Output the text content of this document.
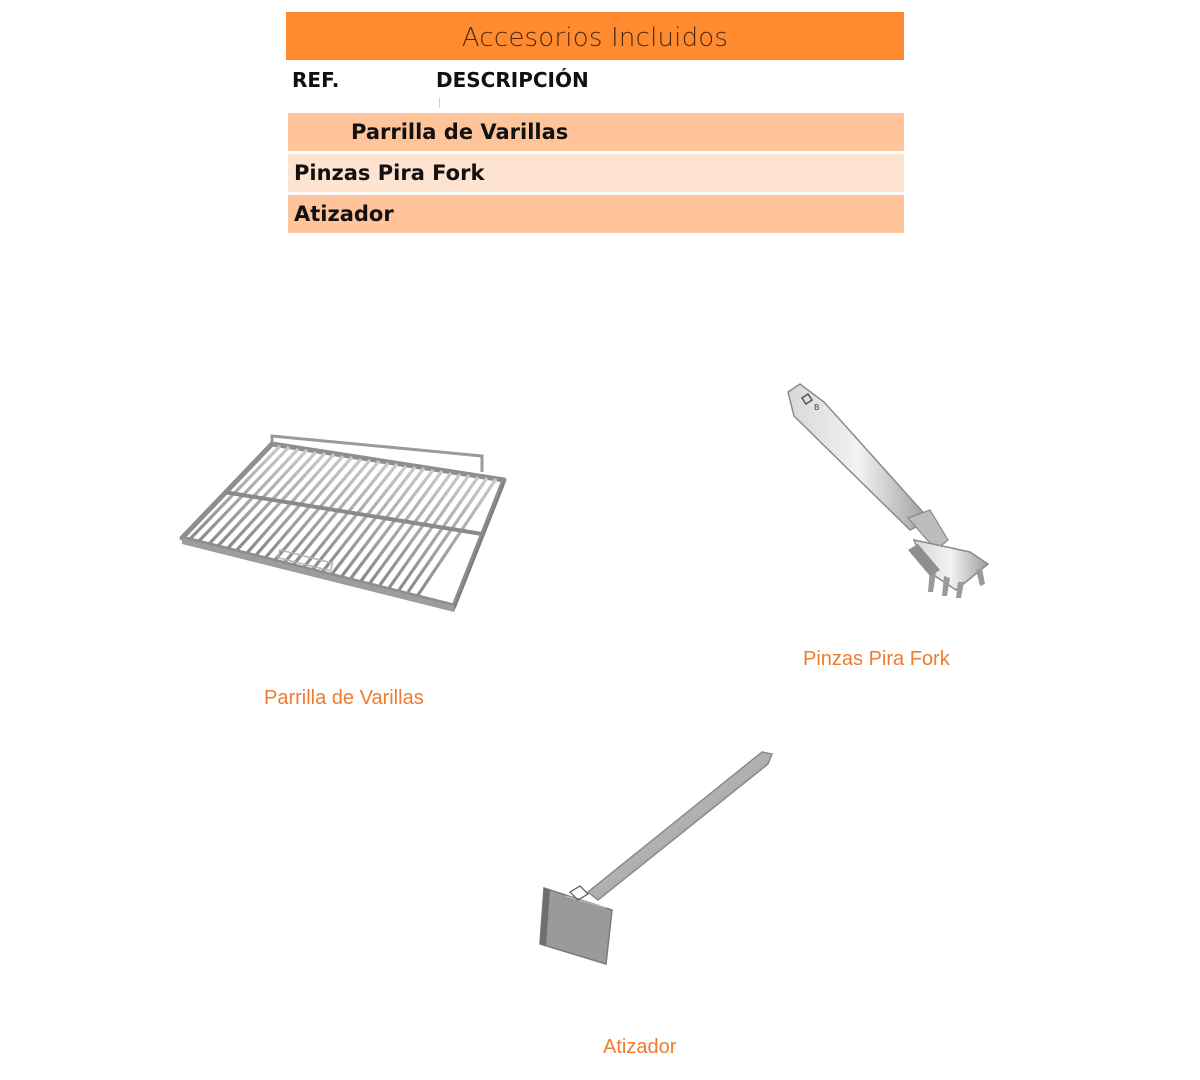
Accesorios Incluidos
REF.	DESCRIPCIÓN
Parrilla de Varillas
Pinzas Pira Fork
Atizador
Parrilla de Varillas
B
Pinzas Pira Fork
Atizador
